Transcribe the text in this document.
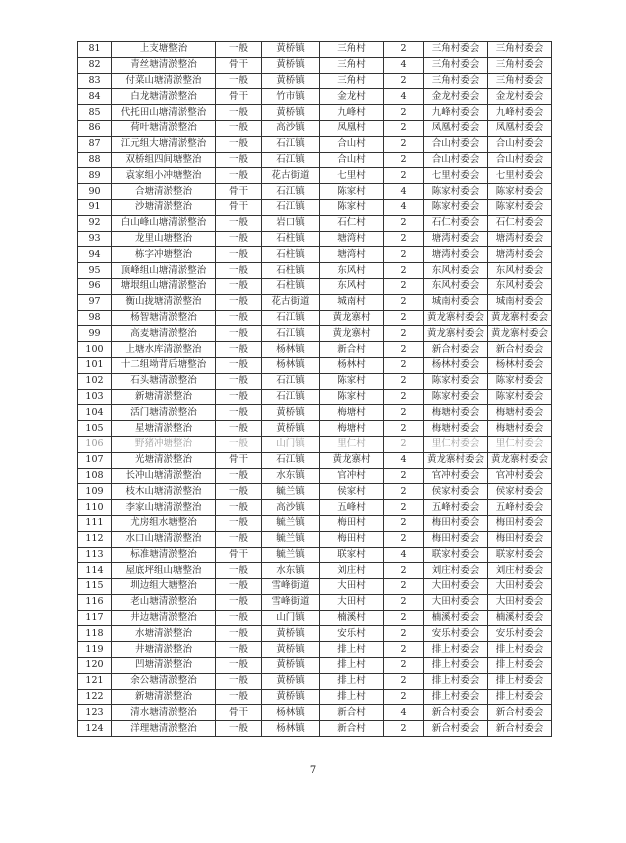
81	上支塘整治	一般	黄桥镇	三角村	2	三角村委会	三角村委会
82	青丝塘清淤整治	骨干	黄桥镇	三角村	4	三角村委会	三角村委会
83	付菜山塘清淤整治	一般	黄桥镇	三角村	2	三角村委会	三角村委会
84	白龙塘清淤整治	骨干	竹市镇	金龙村	4	金龙村委会	金龙村委会
85	代托田山塘清淤整治	一般	黄桥镇	九峰村	2	九峰村委会	九峰村委会
86	荷叶塘清淤整治	一般	高沙镇	凤凰村	2	凤凰村委会	凤凰村委会
87	江元组大塘清淤整治	一般	石江镇	合山村	2	合山村委会	合山村委会
88	双桥组四间塘整治	一般	石江镇	合山村	2	合山村委会	合山村委会
89	袁家组小冲塘整治	一般	花古街道	七里村	2	七里村委会	七里村委会
90	合塘清淤整治	骨干	石江镇	陈家村	4	陈家村委会	陈家村委会
91	沙塘清淤整治	骨干	石江镇	陈家村	4	陈家村委会	陈家村委会
92	白山峰山塘清淤整治	一般	岩口镇	石仁村	2	石仁村委会	石仁村委会
93	龙里山塘整治	一般	石柱镇	塘湾村	2	塘湾村委会	塘湾村委会
94	栋字冲塘整治	一般	石柱镇	塘湾村	2	塘湾村委会	塘湾村委会
95	顶峰组山塘清淤整治	一般	石柱镇	东风村	2	东风村委会	东风村委会
96	塘垠组山塘清淤整治	一般	石柱镇	东风村	2	东风村委会	东风村委会
97	衡山拢塘清淤整治	一般	花古街道	城南村	2	城南村委会	城南村委会
98	杨智塘清淤整治	一般	石江镇	黄龙寨村	2	黄龙寨村委会	黄龙寨村委会
99	高麦塘清淤整治	一般	石江镇	黄龙寨村	2	黄龙寨村委会	黄龙寨村委会
100	上塘水库清淤整治	一般	杨林镇	新合村	2	新合村委会	新合村委会
101	十二组坳背后塘整治	一般	杨林镇	杨林村	2	杨林村委会	杨林村委会
102	石头塘清淤整治	一般	石江镇	陈家村	2	陈家村委会	陈家村委会
103	新塘清淤整治	一般	石江镇	陈家村	2	陈家村委会	陈家村委会
104	活门塘清淤整治	一般	黄桥镇	梅塘村	2	梅塘村委会	梅塘村委会
105	星塘清淤整治	一般	黄桥镇	梅塘村	2	梅塘村委会	梅塘村委会
106	野猪冲塘整治	一般	山门镇	里仁村	2	里仁村委会	里仁村委会
107	光塘清淤整治	骨干	石江镇	黄龙寨村	4	黄龙寨村委会	黄龙寨村委会
108	长冲山塘清淤整治	一般	水东镇	官冲村	2	官冲村委会	官冲村委会
109	枝木山塘清淤整治	一般	毓兰镇	侯家村	2	侯家村委会	侯家村委会
110	李家山塘清淤整治	一般	高沙镇	五峰村	2	五峰村委会	五峰村委会
111	尤房组水塘整治	一般	毓兰镇	梅田村	2	梅田村委会	梅田村委会
112	水口山塘清淤整治	一般	毓兰镇	梅田村	2	梅田村委会	梅田村委会
113	标准塘清淤整治	骨干	毓兰镇	联家村	4	联家村委会	联家村委会
114	屋底坪组山塘整治	一般	水东镇	刘庄村	2	刘庄村委会	刘庄村委会
115	圳边组大塘整治	一般	雪峰街道	大田村	2	大田村委会	大田村委会
116	老山塘清淤整治	一般	雪峰街道	大田村	2	大田村委会	大田村委会
117	井边塘清淤整治	一般	山门镇	楠溪村	2	楠溪村委会	楠溪村委会
118	水塘清淤整治	一般	黄桥镇	安乐村	2	安乐村委会	安乐村委会
119	井塘清淤整治	一般	黄桥镇	排上村	2	排上村委会	排上村委会
120	凹塘清淤整治	一般	黄桥镇	排上村	2	排上村委会	排上村委会
121	余公塘清淤整治	一般	黄桥镇	排上村	2	排上村委会	排上村委会
122	新塘清淤整治	一般	黄桥镇	排上村	2	排上村委会	排上村委会
123	清水塘清淤整治	骨干	杨林镇	新合村	4	新合村委会	新合村委会
124	洋理塘清淤整治	一般	杨林镇	新合村	2	新合村委会	新合村委会
7
